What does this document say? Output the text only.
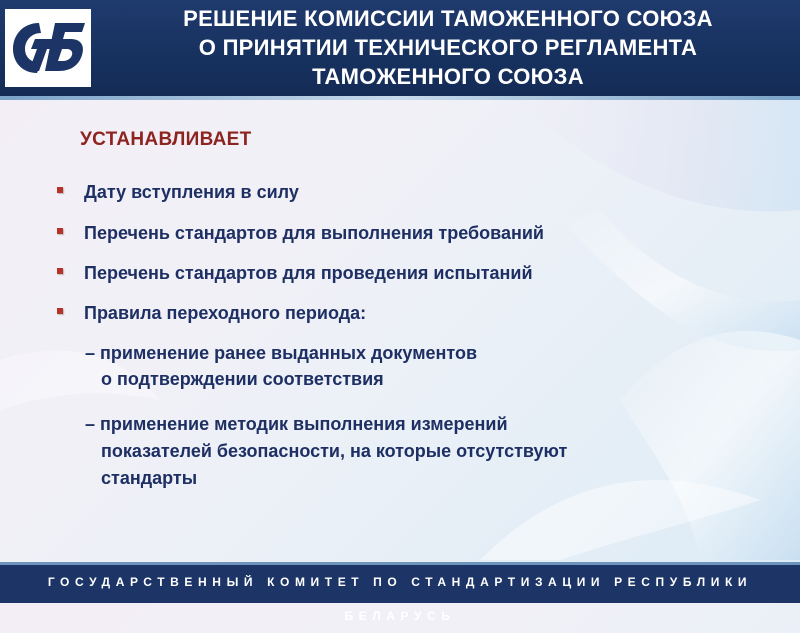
РЕШЕНИЕ КОМИССИИ ТАМОЖЕННОГО СОЮЗА
О ПРИНЯТИИ ТЕХНИЧЕСКОГО РЕГЛАМЕНТА
ТАМОЖЕННОГО СОЮЗА
УСТАНАВЛИВАЕТ
Дату вступления в силу
Перечень стандартов для выполнения требований
Перечень стандартов для проведения испытаний
Правила переходного периода:
– применение ранее выданных документов
о подтверждении соответствия
– применение методик выполнения измерений
показателей безопасности, на которые отсутствуют
стандарты
ГОСУДАРСТВЕННЫЙ КОМИТЕТ ПО СТАНДАРТИЗАЦИИ РЕСПУБЛИКИ БЕЛАРУСЬ
